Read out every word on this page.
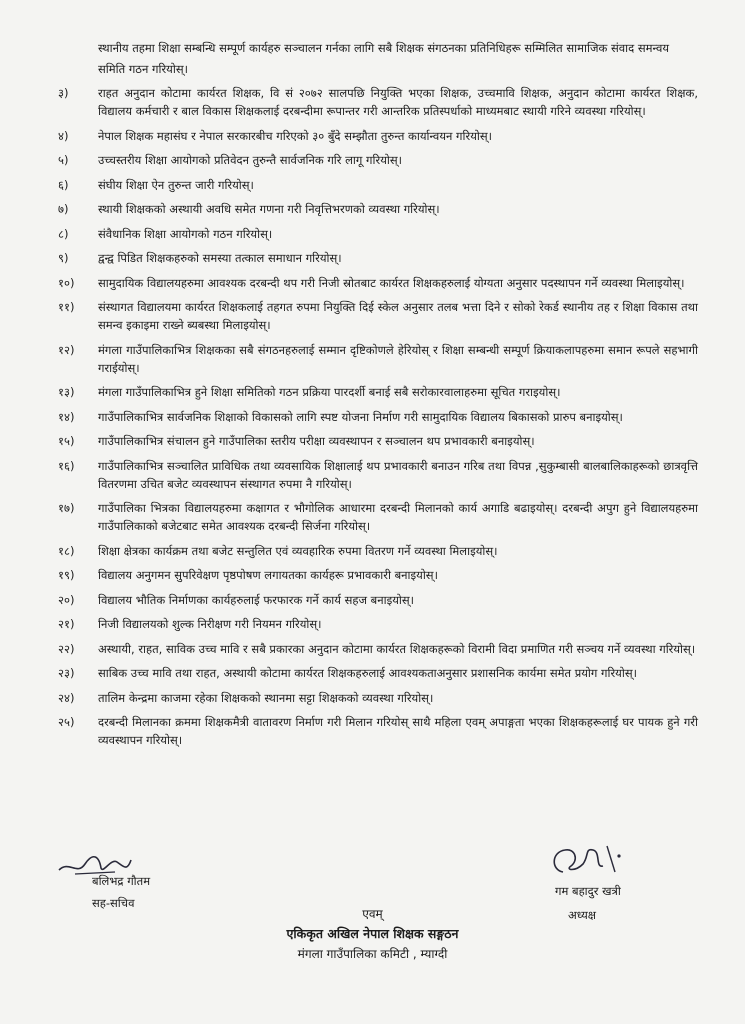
स्थानीय तहमा शिक्षा सम्बन्धि सम्पूर्ण कार्यहरु सञ्चालन गर्नका लागि सबै शिक्षक संगठनका प्रतिनिधिहरू सम्मिलित सामाजिक संवाद समन्वय समिति गठन गरियोस्।
३)	राहत अनुदान कोटामा कार्यरत शिक्षक, वि सं २०७२ सालपछि नियुक्ति भएका शिक्षक, उच्चमावि शिक्षक, अनुदान कोटामा कार्यरत शिक्षक, विद्यालय कर्मचारी र बाल विकास शिक्षकलाई दरबन्दीमा रूपान्तर गरी आन्तरिक प्रतिस्पर्धाको माध्यमबाट स्थायी गरिने व्यवस्था गरियोस्।
४)	नेपाल शिक्षक महासंघ र नेपाल सरकारबीच गरिएको ३० बुँदे सम्झौता तुरुन्त कार्यान्वयन गरियोस्।
५)	उच्चस्तरीय शिक्षा आयोगको प्रतिवेदन तुरुन्तै सार्वजनिक गरि लागू गरियोस्।
६)	संघीय शिक्षा ऐन तुरुन्त जारी गरियोस्।
७)	स्थायी शिक्षकको अस्थायी अवधि समेत गणना गरी निवृत्तिभरणको व्यवस्था गरियोस्।
८)	संवैधानिक शिक्षा आयोगको गठन गरियोस्।
९)	द्वन्द्व पिडित शिक्षकहरुको समस्या तत्काल समाधान गरियोस्।
१०)	सामुदायिक विद्यालयहरुमा आवश्यक दरबन्दी थप गरी निजी स्रोतबाट कार्यरत शिक्षकहरुलाई योग्यता अनुसार पदस्थापन गर्ने व्यवस्था मिलाइयोस्।
११)	संस्थागत विद्यालयमा कार्यरत शिक्षकलाई तहगत रुपमा नियुक्ति दिई स्केल अनुसार तलब भत्ता दिने र सोको रेकर्ड स्थानीय तह र शिक्षा विकास तथा समन्व इकाइमा राख्ने ब्यबस्था मिलाइयोस्।
१२)	मंगला गाउँपालिकाभित्र शिक्षकका सबै संगठनहरुलाई सम्मान दृष्टिकोणले हेरियोस् र शिक्षा सम्बन्धी सम्पूर्ण क्रियाकलापहरुमा समान रूपले सहभागी गराईयोस्।
१३)	मंगला गाउँपालिकाभित्र हुने शिक्षा समितिको गठन प्रक्रिया पारदर्शी बनाई सबै सरोकारवालाहरुमा सूचित गराइयोस्।
१४)	गाउँपालिकाभित्र सार्वजनिक शिक्षाको विकासको लागि स्पष्ट योजना निर्माण गरी सामुदायिक विद्यालय बिकासको प्रारुप बनाइयोस्।
१५)	गाउँपालिकाभित्र संचालन हुने गाउँपालिका स्तरीय परीक्षा व्यवस्थापन र सञ्चालन थप प्रभावकारी बनाइयोस्।
१६)	गाउँपालिकाभित्र सञ्चालित प्राविधिक तथा व्यवसायिक शिक्षालाई थप प्रभावकारी बनाउन गरिब तथा विपन्न ,सुकुम्बासी बालबालिकाहरूको छात्रवृत्ति वितरणमा उचित बजेट व्यवस्थापन संस्थागत रुपमा नै गरियोस्।
१७)	गाउँपालिका भित्रका विद्यालयहरुमा कक्षागत र भौगोलिक आधारमा दरबन्दी मिलानको कार्य अगाडि बढाइयोस्। दरबन्दी अपुग हुने विद्यालयहरुमा गाउँपालिकाको बजेटबाट समेत आवश्यक दरबन्दी सिर्जना गरियोस्।
१८)	शिक्षा क्षेत्रका कार्यक्रम तथा बजेट सन्तुलित एवं व्यवहारिक रुपमा वितरण गर्ने व्यवस्था मिलाइयोस्।
१९)	विद्यालय अनुगमन सुपरिवेक्षण पृष्ठपोषण लगायतका कार्यहरू प्रभावकारी बनाइयोस्।
२०)	विद्यालय भौतिक निर्माणका कार्यहरुलाई फरफारक गर्ने कार्य सहज बनाइयोस्।
२१)	निजी विद्यालयको शुल्क निरीक्षण गरी नियमन गरियोस्।
२२)	अस्थायी, राहत, साविक उच्च मावि र सबै प्रकारका अनुदान कोटामा कार्यरत शिक्षकहरूको विरामी विदा प्रमाणित गरी सञ्चय गर्ने व्यवस्था गरियोस्।
२३)	साबिक उच्च मावि तथा राहत, अस्थायी कोटामा कार्यरत शिक्षकहरुलाई आवश्यकताअनुसार प्रशासनिक कार्यमा समेत प्रयोग गरियोस्।
२४)	तालिम केन्द्रमा काजमा रहेका शिक्षकको स्थानमा सट्टा शिक्षकको व्यवस्था गरियोस्।
२५)	दरबन्दी मिलानका क्रममा शिक्षकमैत्री वातावरण निर्माण गरी मिलान गरियोस् साथै महिला एवम् अपाङ्गता भएका शिक्षकहरूलाई घर पायक हुने गरी व्यवस्थापन गरियोस्।
बलिभद्र गौतम
सह-सचिव
गम बहादुर खत्री
अध्यक्ष
एवम्
एकिकृत अखिल नेपाल शिक्षक सङ्गठन
मंगला गाउँपालिका कमिटी , म्याग्दी
